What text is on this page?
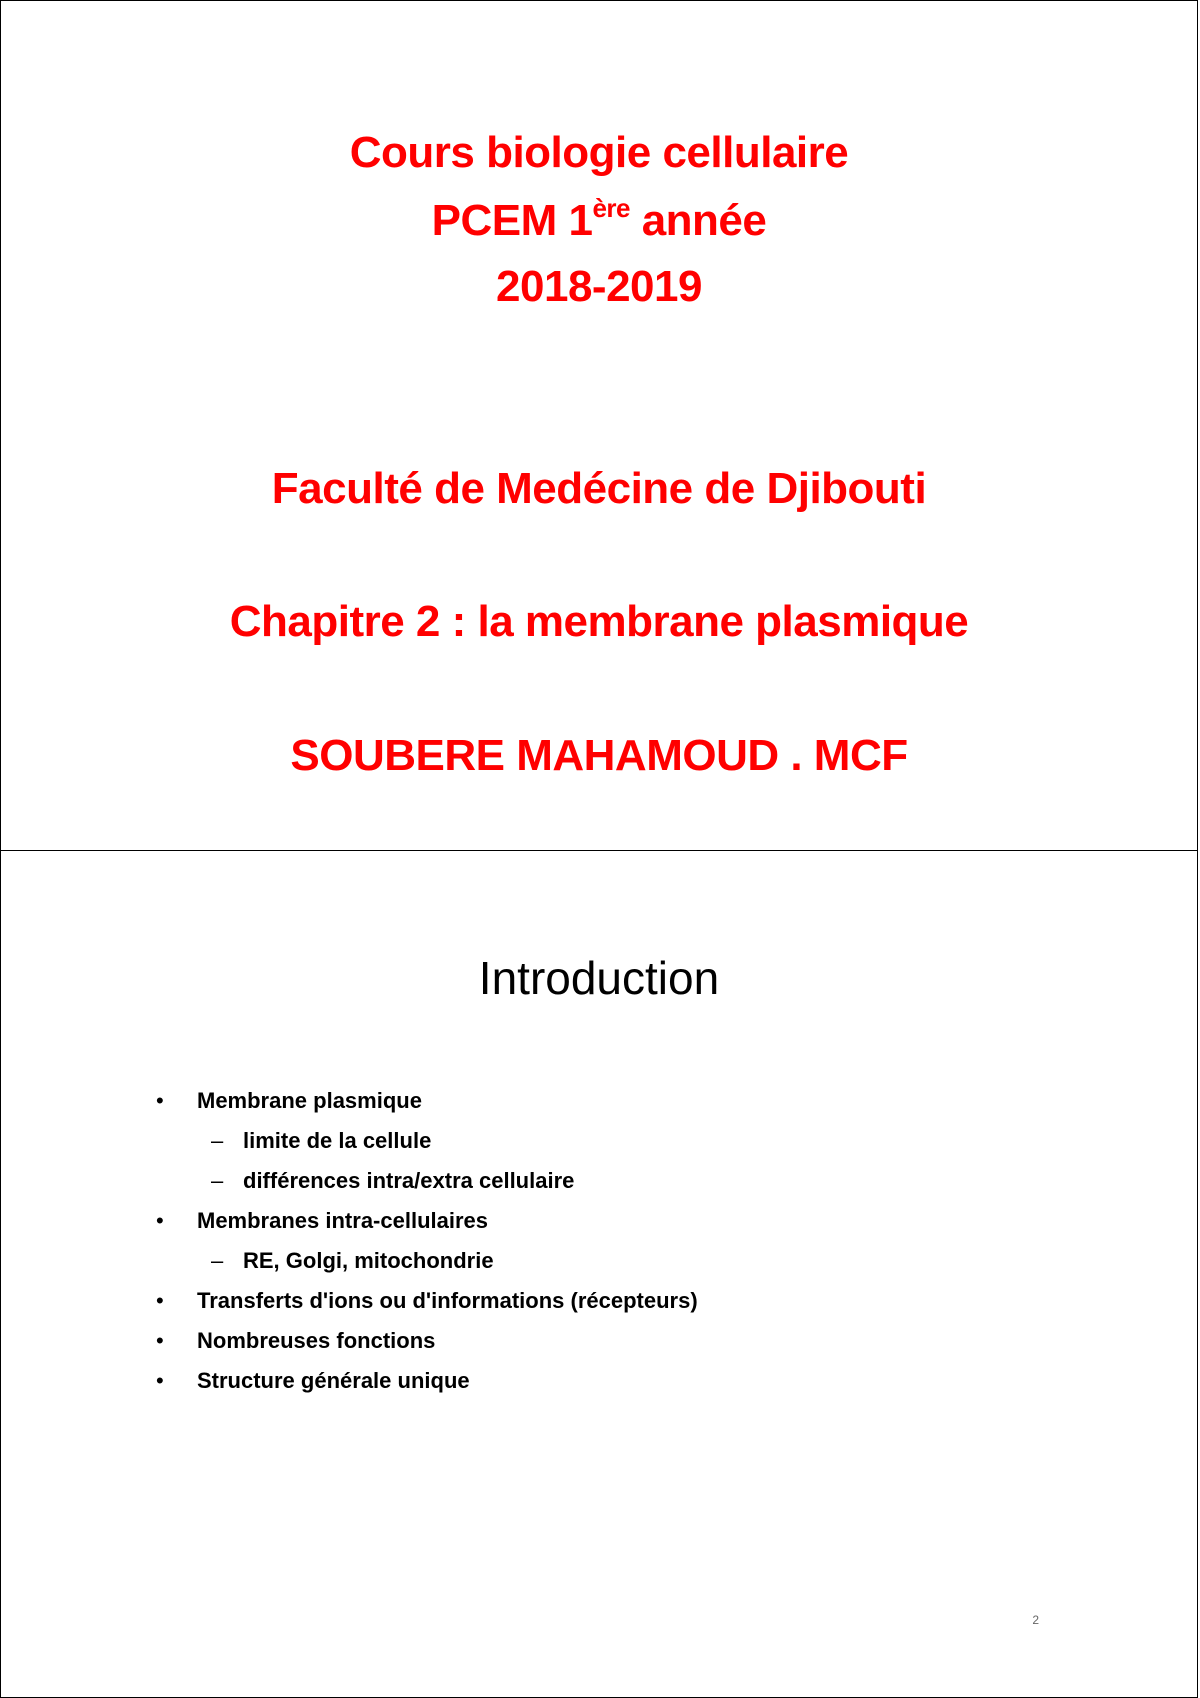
Cours biologie cellulaire
PCEM 1ère année
2018-2019
Faculté de Medécine de Djibouti
Chapitre 2 : la membrane plasmique
SOUBERE MAHAMOUD . MCF
Introduction
• Membrane plasmique
– limite de la cellule
– différences intra/extra cellulaire
• Membranes intra-cellulaires
– RE, Golgi, mitochondrie
• Transferts d'ions ou d'informations (récepteurs)
• Nombreuses fonctions
• Structure générale unique
2
